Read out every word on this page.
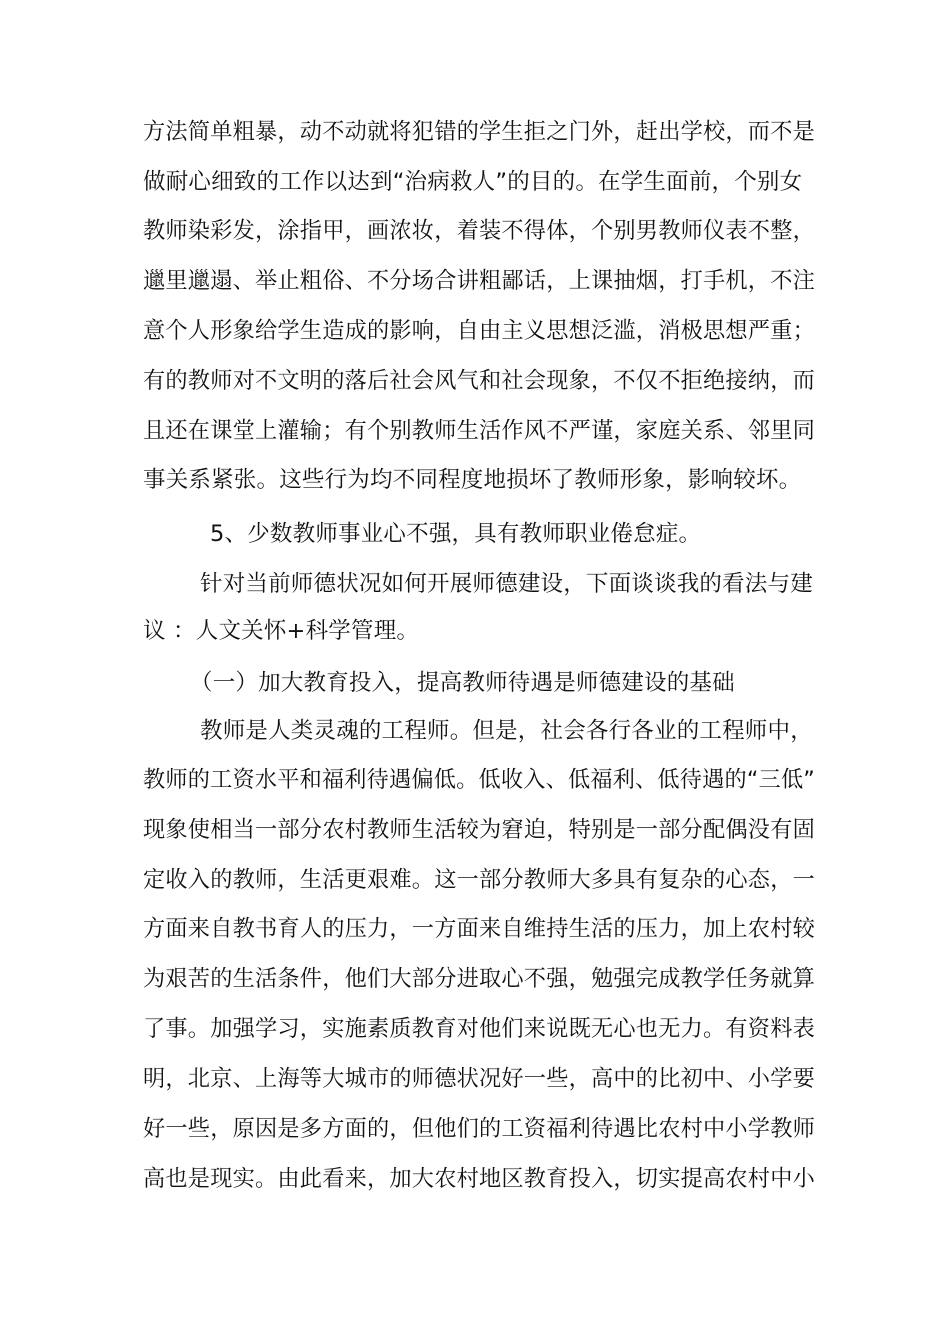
方法简单粗暴，动不动就将犯错的学生拒之门外，赶出学校，而不是
做耐心细致的工作以达到“治病救人”的目的。在学生面前，个别女
教师染彩发，涂指甲，画浓妆，着装不得体，个别男教师仪表不整，
邋里邋遢、举止粗俗、不分场合讲粗鄙话，上课抽烟，打手机，不注
意个人形象给学生造成的影响，自由主义思想泛滥，消极思想严重；
有的教师对不文明的落后社会风气和社会现象，不仅不拒绝接纳，而
且还在课堂上灌输；有个别教师生活作风不严谨，家庭关系、邻里同
事关系紧张。这些行为均不同程度地损坏了教师形象，影响较坏。
5、少数教师事业心不强，具有教师职业倦怠症。
针对当前师德状况如何开展师德建设，下面谈谈我的看法与建
议 ：人文关怀+科学管理。
（一）加大教育投入，提高教师待遇是师德建设的基础
教师是人类灵魂的工程师。但是，社会各行各业的工程师中，
教师的工资水平和福利待遇偏低。低收入、低福利、低待遇的“三低”
现象使相当一部分农村教师生活较为窘迫，特别是一部分配偶没有固
定收入的教师，生活更艰难。这一部分教师大多具有复杂的心态，一
方面来自教书育人的压力，一方面来自维持生活的压力，加上农村较
为艰苦的生活条件，他们大部分进取心不强，勉强完成教学任务就算
了事。加强学习，实施素质教育对他们来说既无心也无力。有资料表
明，北京、上海等大城市的师德状况好一些，高中的比初中、小学要
好一些，原因是多方面的，但他们的工资福利待遇比农村中小学教师
高也是现实。由此看来，加大农村地区教育投入，切实提高农村中小
